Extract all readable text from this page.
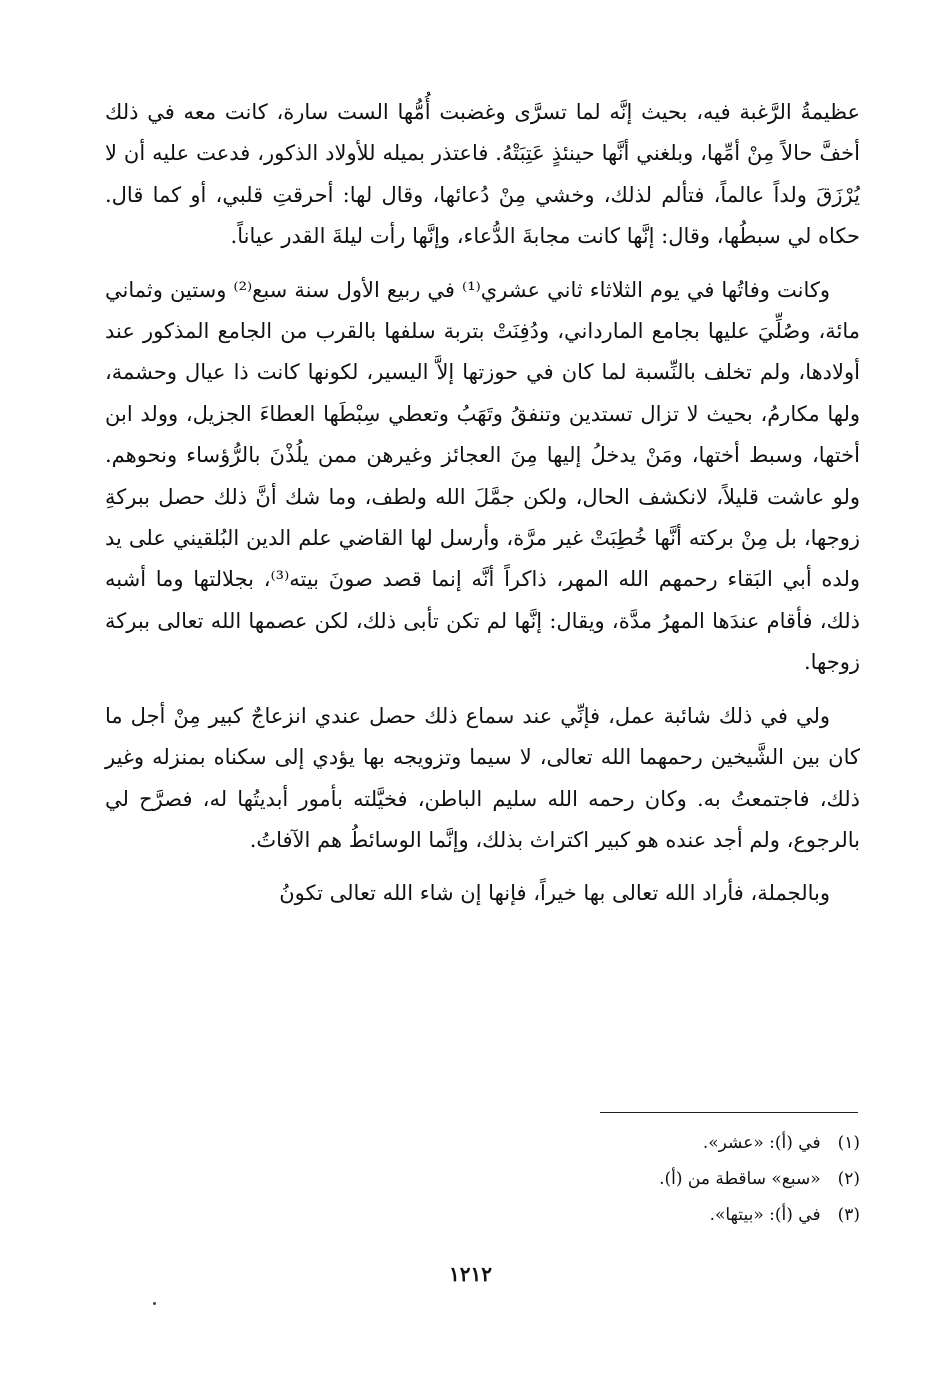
عظيمةُ الرَّغبة فيه، بحيث إنَّه لما تسرَّى وغضبت أُمُّها الست سارة، كانت معه في ذلك أخفَّ حالاً مِنْ أمِّها، وبلغني أنَّها حينئذٍ عَتِبَتْهُ. فاعتذر بميله للأولاد الذكور، فدعت عليه أن لا يُرْزَقَ ولداً عالماً، فتألم لذلك، وخشي مِنْ دُعائها، وقال لها: أحرقتِ قلبي، أو كما قال. حكاه لي سبطُها، وقال: إنَّها كانت مجابةَ الدُّعاء، وإنَّها رأت ليلةَ القدر عياناً.

وكانت وفاتُها في يوم الثلاثاء ثاني عشري⁽¹⁾ في ربيع الأول سنة سبع⁽²⁾ وستين وثماني مائة، وصُلِّيَ عليها بجامع المارداني، ودُفِنَتْ بتربة سلفها بالقرب من الجامع المذكور عند أولادها، ولم تخلف بالنِّسبة لما كان في حوزتها إلاَّ اليسير، لكونها كانت ذا عيال وحشمة، ولها مكارمُ، بحيث لا تزال تستدين وتنفقُ وتَهَبُ وتعطي سِبْطَها العطاءَ الجزيل، وولد ابن أختها، وسبط أختها، ومَنْ يدخلُ إليها مِنَ العجائز وغيرهن ممن يلُذْنَ بالرُّؤساء ونحوهم. ولو عاشت قليلاً، لانكشف الحال، ولكن جمَّلَ الله ولطف، وما شك أنَّ ذلك حصل ببركةِ زوجها، بل مِنْ بركته أنَّها خُطِبَتْ غير مرَّة، وأرسل لها القاضي علم الدين البُلقيني على يد ولده أبي البَقاء رحمهم الله المهر، ذاكراً أنَّه إنما قصد صونَ بيته⁽³⁾، بجلالتها وما أشبه ذلك، فأقام عندَها المهرُ مدَّة، ويقال: إنَّها لم تكن تأبى ذلك، لكن عصمها الله تعالى ببركة زوجها.

ولي في ذلك شائبة عمل، فإنِّي عند سماع ذلك حصل عندي انزعاجٌ كبير مِنْ أجل ما كان بين الشَّيخين رحمهما الله تعالى، لا سيما وتزويجه بها يؤدي إلى سكناه بمنزله وغير ذلك، فاجتمعتُ به. وكان رحمه الله سليم الباطن، فخيَّلته بأمور أبديتُها له، فصرَّح لي بالرجوع، ولم أجد عنده هو كبير اكتراث بذلك، وإنَّما الوسائطُ هم الآفاتُ.

وبالجملة، فأراد الله تعالى بها خيراً، فإنها إن شاء الله تعالى تكونُ

(١) في (أ): «عشر».

(٢) «سبع» ساقطة من (أ).

(٣) في (أ): «بيتها».

١٢١٢
